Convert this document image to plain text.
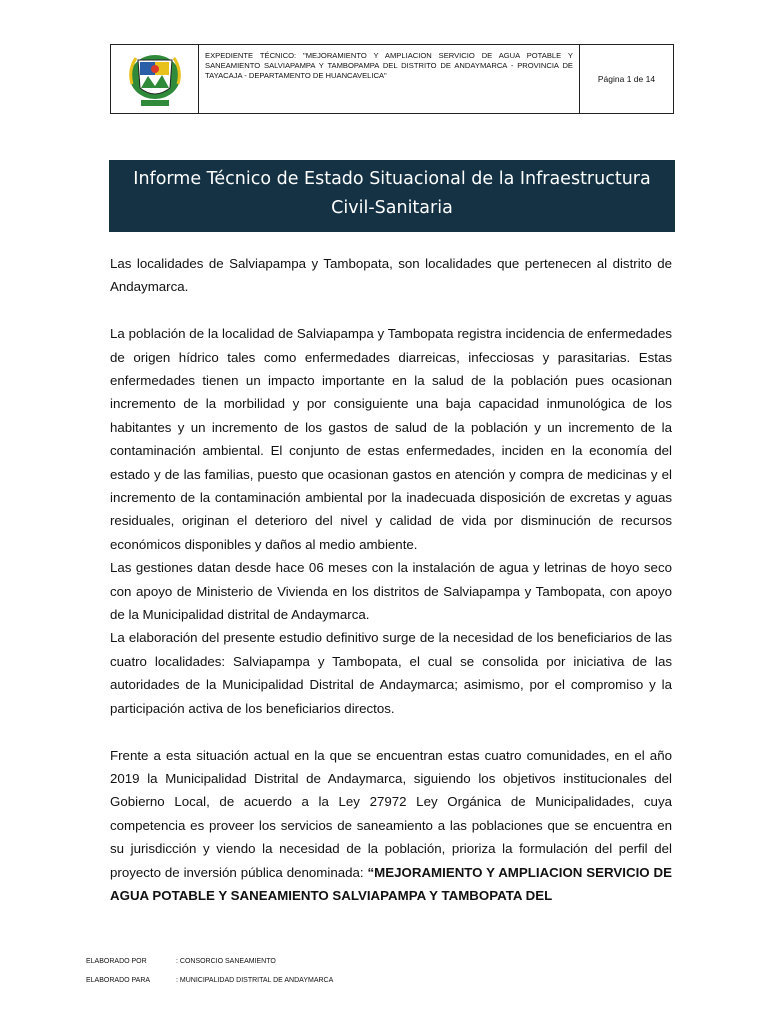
EXPEDIENTE TÉCNICO: "MEJORAMIENTO Y AMPLIACION SERVICIO DE AGUA POTABLE Y SANEAMIENTO SALVIAPAMPA Y TAMBOPAMPA DEL DISTRITO DE ANDAYMARCA - PROVINCIA DE TAYACAJA - DEPARTAMENTO DE HUANCAVELICA"	Página 1 de 14
Informe Técnico de Estado Situacional de la Infraestructura Civil-Sanitaria

Las localidades de Salviapampa y Tambopata, son localidades que pertenecen al distrito de Andaymarca.

La población de la localidad de Salviapampa y Tambopata registra incidencia de enfermedades de origen hídrico tales como enfermedades diarreicas, infecciosas y parasitarias. Estas enfermedades tienen un impacto importante en la salud de la población pues ocasionan incremento de la morbilidad y por consiguiente una baja capacidad inmunológica de los habitantes y un incremento de los gastos de salud de la población y un incremento de la contaminación ambiental. El conjunto de estas enfermedades, inciden en la economía del estado y de las familias, puesto que ocasionan gastos en atención y compra de medicinas y el incremento de la contaminación ambiental por la inadecuada disposición de excretas y aguas residuales, originan el deterioro del nivel y calidad de vida por disminución de recursos económicos disponibles y daños al medio ambiente.

Las gestiones datan desde hace 06 meses con la instalación de agua y letrinas de hoyo seco con apoyo de Ministerio de Vivienda en los distritos de Salviapampa y Tambopata, con apoyo de la Municipalidad distrital de Andaymarca.

La elaboración del presente estudio definitivo surge de la necesidad de los beneficiarios de las cuatro localidades: Salviapampa y Tambopata, el cual se consolida por iniciativa de las autoridades de la Municipalidad Distrital de Andaymarca; asimismo, por el compromiso y la participación activa de los beneficiarios directos.

Frente a esta situación actual en la que se encuentran estas cuatro comunidades, en el año 2019 la Municipalidad Distrital de Andaymarca, siguiendo los objetivos institucionales del Gobierno Local, de acuerdo a la Ley 27972 Ley Orgánica de Municipalidades, cuya competencia es proveer los servicios de saneamiento a las poblaciones que se encuentra en su jurisdicción y viendo la necesidad de la población, prioriza la formulación del perfil del proyecto de inversión pública denominada: “MEJORAMIENTO Y AMPLIACION SERVICIO DE AGUA POTABLE Y SANEAMIENTO SALVIAPAMPA Y TAMBOPATA DEL

ELABORADO POR	: CONSORCIO SANEAMIENTO
ELABORADO PARA	: MUNICIPALIDAD DISTRITAL DE ANDAYMARCA
